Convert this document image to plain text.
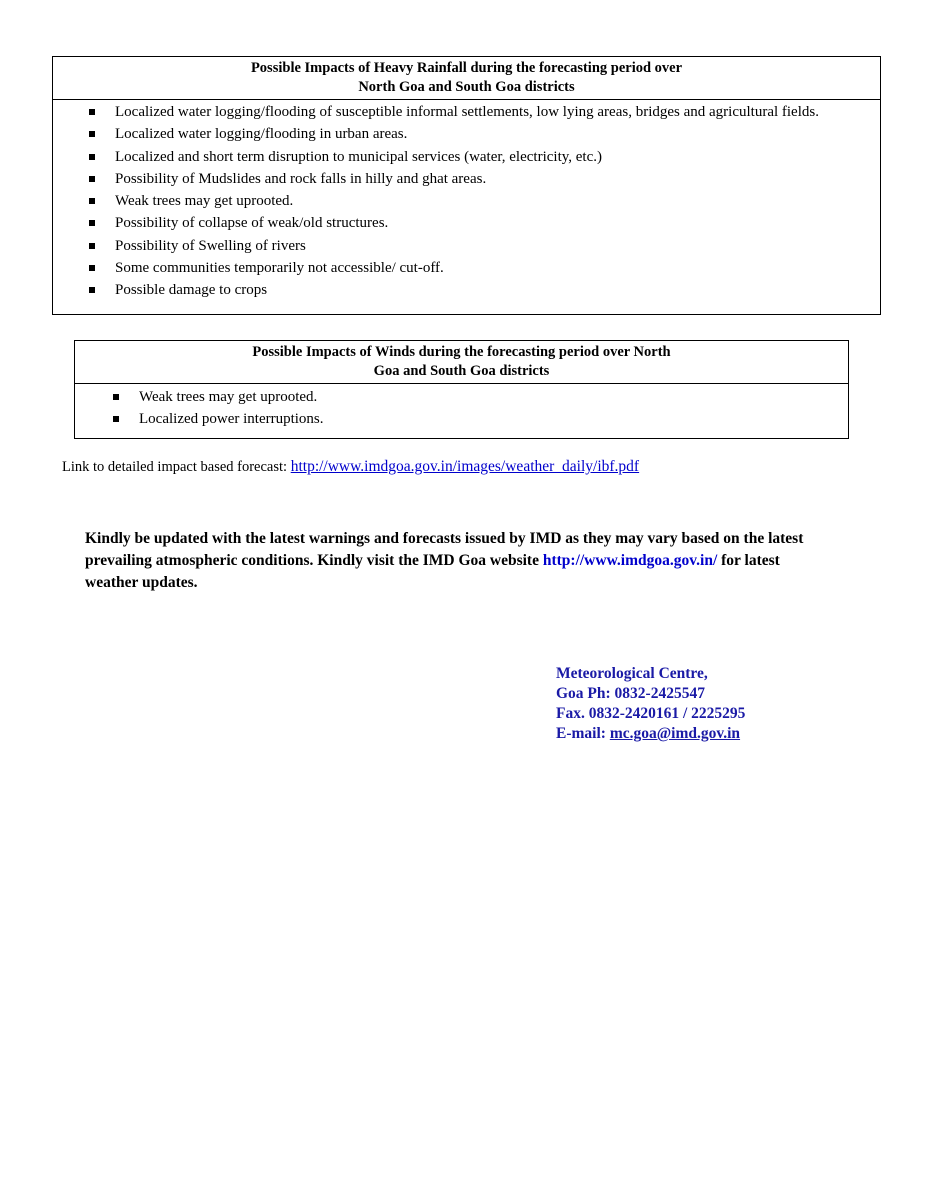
Possible Impacts of Heavy Rainfall during the forecasting period over
North Goa and South Goa districts
Localized water logging/flooding of susceptible informal settlements, low lying areas, bridges and agricultural fields.
Localized water logging/flooding in urban areas.
Localized and short term disruption to municipal services (water, electricity, etc.)
Possibility of Mudslides and rock falls in hilly and ghat areas.
Weak trees may get uprooted.
Possibility of collapse of weak/old structures.
Possibility of Swelling of rivers
Some communities temporarily not accessible/ cut-off.
Possible damage to crops
Possible Impacts of Winds during the forecasting period over North
Goa and South Goa districts
Weak trees may get uprooted.
Localized power interruptions.
Link to detailed impact based forecast: http://www.imdgoa.gov.in/images/weather_daily/ibf.pdf
Kindly be updated with the latest warnings and forecasts issued by IMD as they may vary based on the latest prevailing atmospheric conditions. Kindly visit the IMD Goa website http://www.imdgoa.gov.in/ for latest weather updates.
Meteorological Centre,
Goa Ph: 0832-2425547
Fax. 0832-2420161 / 2225295
E-mail: mc.goa@imd.gov.in
